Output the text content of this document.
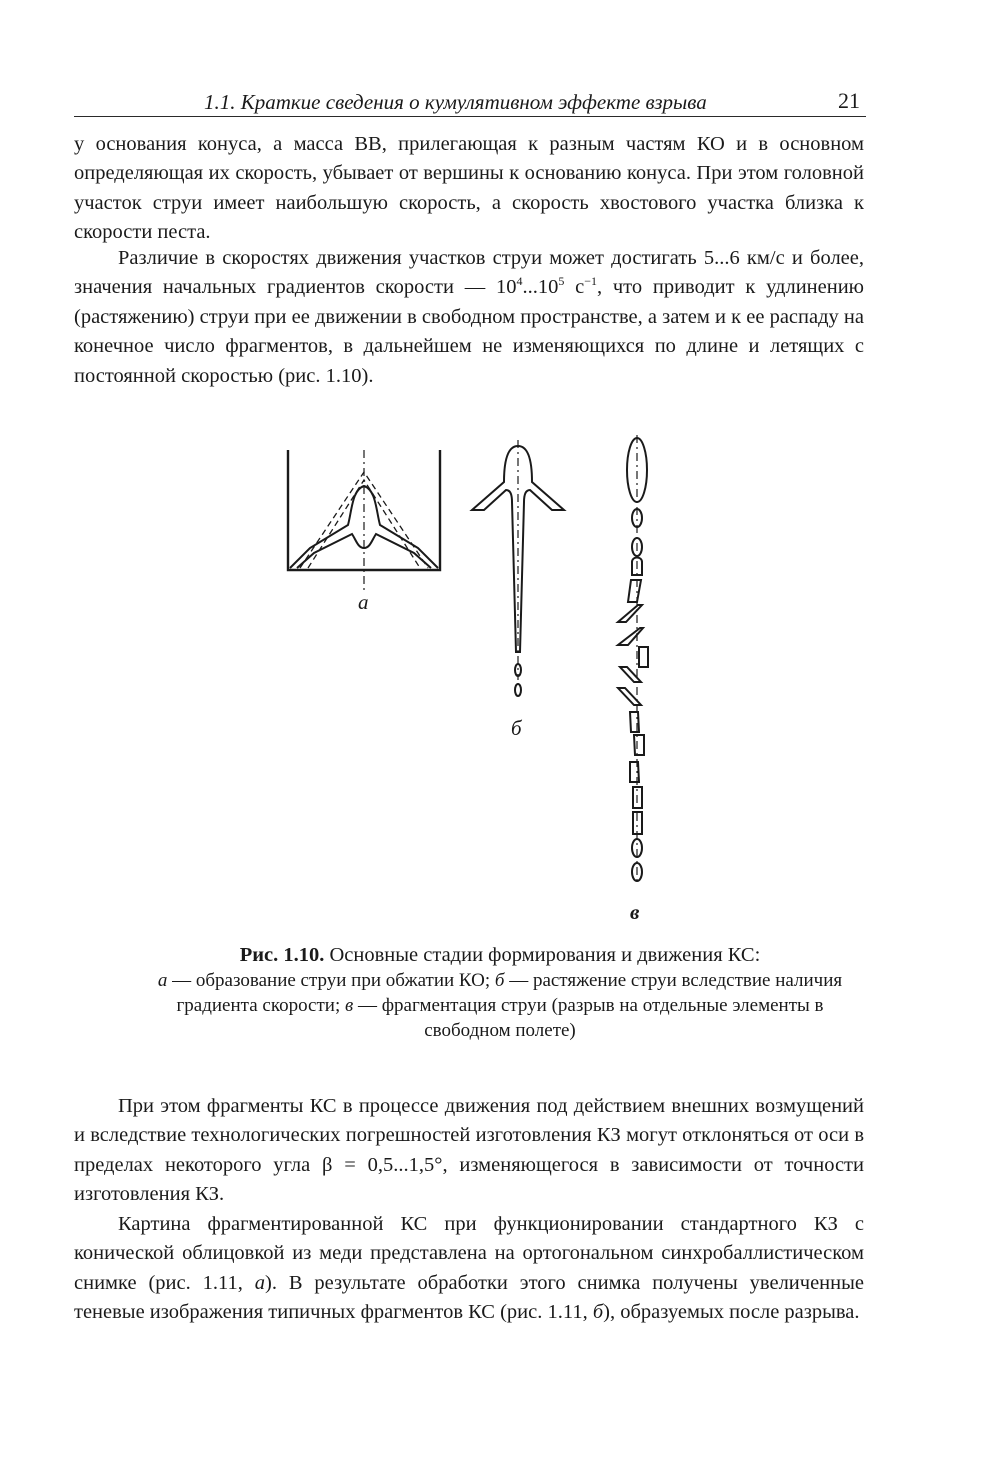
1.1. Краткие сведения о кумулятивном эффекте взрыва	21

у основания конуса, а масса ВВ, прилегающая к разным частям КО и в основном определяющая их скорость, убывает от вершины к основанию конуса. При этом головной участок струи имеет наибольшую скорость, а скорость хвостового участка близка к скорости песта.

Различие в скоростях движения участков струи может достигать 5...6 км/с и более, значения начальных градиентов скорости — $10^4...10^5$ $с^{-1}$, что приводит к удлинению (растяжению) струи при ее движении в свободном пространстве, а затем и к ее распаду на конечное число фрагментов, в дальнейшем не изменяющихся по длине и летящих с постоянной скоростью (рис. 1.10).

а
б
в
Рис. 1.10. Основные стадии формирования и движения КС:
а — образование струи при обжатии КО; б — растяжение струи вследствие наличия градиента скорости; в — фрагментация струи (разрыв на отдельные элементы в свободном полете)

При этом фрагменты КС в процессе движения под действием внешних возмущений и вследствие технологических погрешностей изготовления КЗ могут отклоняться от оси в пределах некоторого угла β = 0,5...1,5°, изменяющегося в зависимости от точности изготовления КЗ.

Картина фрагментированной КС при функционировании стандартного КЗ с конической облицовкой из меди представлена на ортогональном синхробаллистическом снимке (рис. 1.11, а). В результате обработки этого снимка получены увеличенные теневые изображения типичных фрагментов КС (рис. 1.11, б), образуемых после разрыва.
